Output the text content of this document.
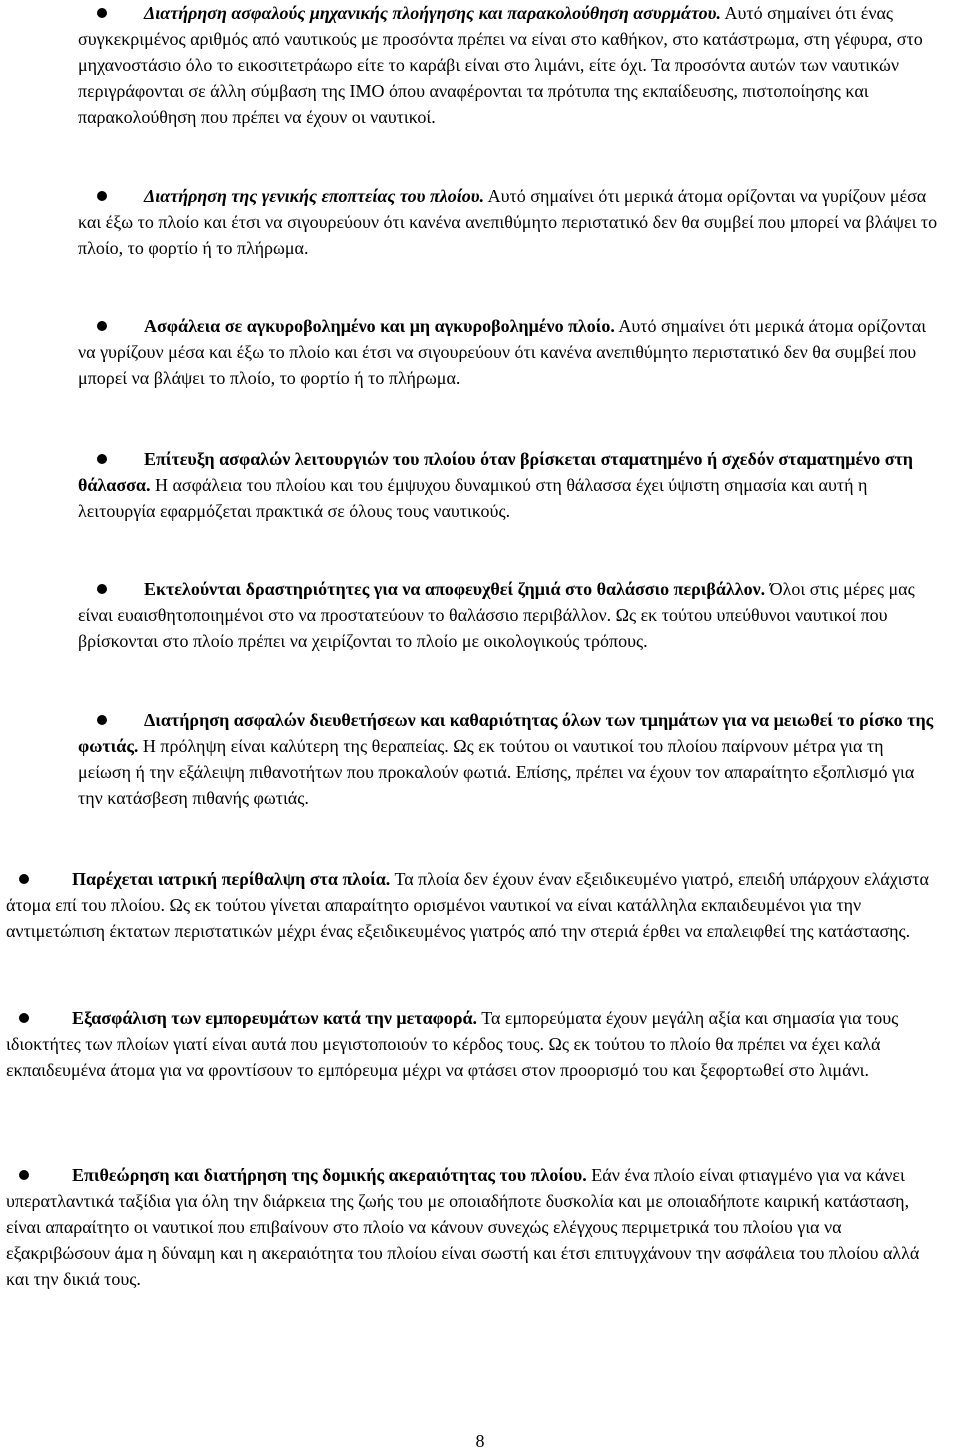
Διατήρηση ασφαλούς μηχανικής πλοήγησης και παρακολούθηση ασυρμάτου. Αυτό σημαίνει ότι ένας συγκεκριμένος αριθμός από ναυτικούς με προσόντα πρέπει να είναι στο καθήκον, στο κατάστρωμα, στη γέφυρα, στο μηχανοστάσιο όλο το εικοσιτετράωρο είτε το καράβι είναι στο λιμάνι, είτε όχι. Τα προσόντα αυτών των ναυτικών περιγράφονται σε άλλη σύμβαση της IMO όπου αναφέρονται τα πρότυπα της εκπαίδευσης, πιστοποίησης και παρακολούθηση που πρέπει να έχουν οι ναυτικοί.

Διατήρηση της γενικής εποπτείας του πλοίου. Αυτό σημαίνει ότι μερικά άτομα ορίζονται να γυρίζουν μέσα και έξω το πλοίο και έτσι να σιγουρεύουν ότι κανένα ανεπιθύμητο περιστατικό δεν θα συμβεί που μπορεί να βλάψει το πλοίο, το φορτίο ή το πλήρωμα.

Ασφάλεια σε αγκυροβολημένο και μη αγκυροβολημένο πλοίο. Αυτό σημαίνει ότι μερικά άτομα ορίζονται να γυρίζουν μέσα και έξω το πλοίο και έτσι να σιγουρεύουν ότι κανένα ανεπιθύμητο περιστατικό δεν θα συμβεί που μπορεί να βλάψει το πλοίο, το φορτίο ή το πλήρωμα.

Επίτευξη ασφαλών λειτουργιών του πλοίου όταν βρίσκεται σταματημένο ή σχεδόν σταματημένο στη θάλασσα. Η ασφάλεια του πλοίου και του έμψυχου δυναμικού στη θάλασσα έχει ύψιστη σημασία και αυτή η λειτουργία εφαρμόζεται πρακτικά σε όλους τους ναυτικούς.

Εκτελούνται δραστηριότητες για να αποφευχθεί ζημιά στο θαλάσσιο περιβάλλον. Όλοι στις μέρες μας είναι ευαισθητοποιημένοι στο να προστατεύουν το θαλάσσιο περιβάλλον. Ως εκ τούτου υπεύθυνοι ναυτικοί που βρίσκονται στο πλοίο πρέπει να χειρίζονται το πλοίο με οικολογικούς τρόπους.

Διατήρηση ασφαλών διευθετήσεων και καθαριότητας όλων των τμημάτων για να μειωθεί το ρίσκο της φωτιάς. Η πρόληψη είναι καλύτερη της θεραπείας. Ως εκ τούτου οι ναυτικοί του πλοίου παίρνουν μέτρα για τη μείωση ή την εξάλειψη πιθανοτήτων που προκαλούν φωτιά. Επίσης, πρέπει να έχουν τον απαραίτητο εξοπλισμό για την κατάσβεση πιθανής φωτιάς.

Παρέχεται ιατρική περίθαλψη στα πλοία. Τα πλοία δεν έχουν έναν εξειδικευμένο γιατρό, επειδή υπάρχουν ελάχιστα άτομα επί του πλοίου. Ως εκ τούτου γίνεται απαραίτητο ορισμένοι ναυτικοί να είναι κατάλληλα εκπαιδευμένοι για την αντιμετώπιση έκτατων περιστατικών μέχρι ένας εξειδικευμένος γιατρός από την στεριά έρθει να επαλειφθεί της κατάστασης.

Εξασφάλιση των εμπορευμάτων κατά την μεταφορά. Τα εμπορεύματα έχουν μεγάλη αξία και σημασία για τους ιδιοκτήτες των πλοίων γιατί είναι αυτά που μεγιστοποιούν το κέρδος τους. Ως εκ τούτου το πλοίο θα πρέπει να έχει καλά εκπαιδευμένα άτομα για να φροντίσουν το εμπόρευμα μέχρι να φτάσει στον προορισμό του και ξεφορτωθεί στο λιμάνι.

Επιθεώρηση και διατήρηση της δομικής ακεραιότητας του πλοίου. Εάν ένα πλοίο είναι φτιαγμένο για να κάνει υπερατλαντικά ταξίδια για όλη την διάρκεια της ζωής του με οποιαδήποτε δυσκολία και με οποιαδήποτε καιρική κατάσταση, είναι απαραίτητο οι ναυτικοί που επιβαίνουν στο πλοίο να κάνουν συνεχώς ελέγχους περιμετρικά του πλοίου για να εξακριβώσουν άμα η δύναμη και η ακεραιότητα του πλοίου είναι σωστή και έτσι επιτυγχάνουν την ασφάλεια του πλοίου αλλά και την δικιά τους.

8
